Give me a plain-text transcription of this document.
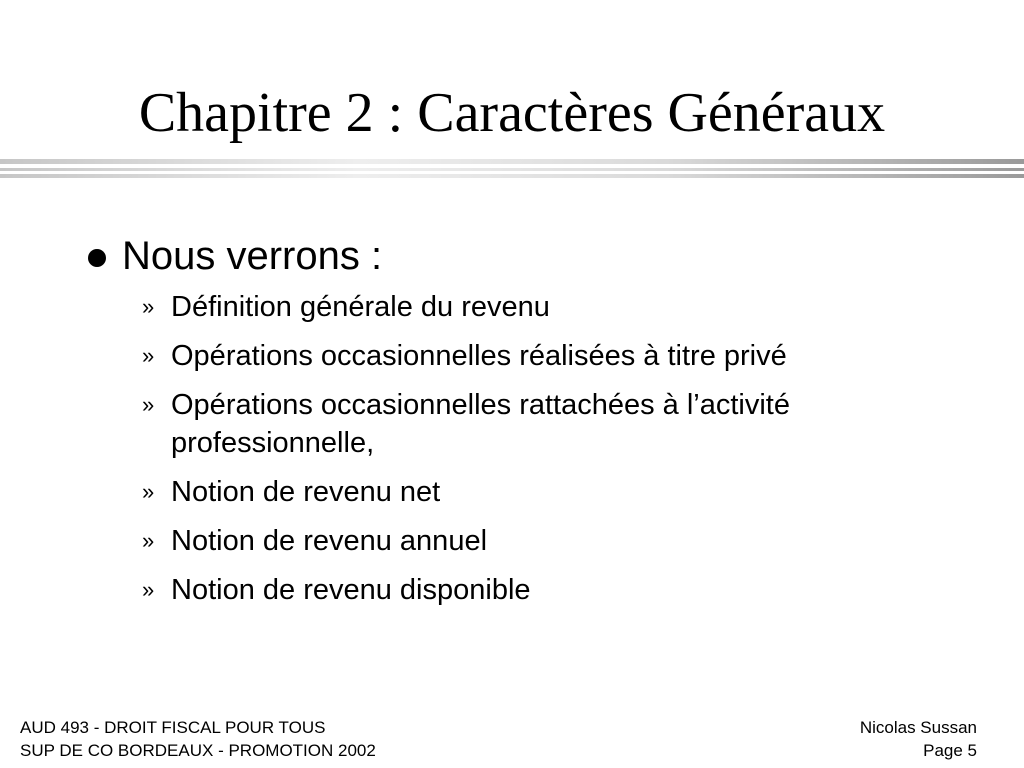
Chapitre 2 : Caractères Généraux
Nous verrons :
» Définition générale du revenu
» Opérations occasionnelles réalisées à titre privé
» Opérations occasionnelles rattachées à l’activité professionnelle,
» Notion de revenu net
» Notion de revenu annuel
» Notion de revenu disponible
AUD 493 - DROIT FISCAL POUR TOUS
SUP DE CO BORDEAUX - PROMOTION 2002
Nicolas Sussan
Page 5
